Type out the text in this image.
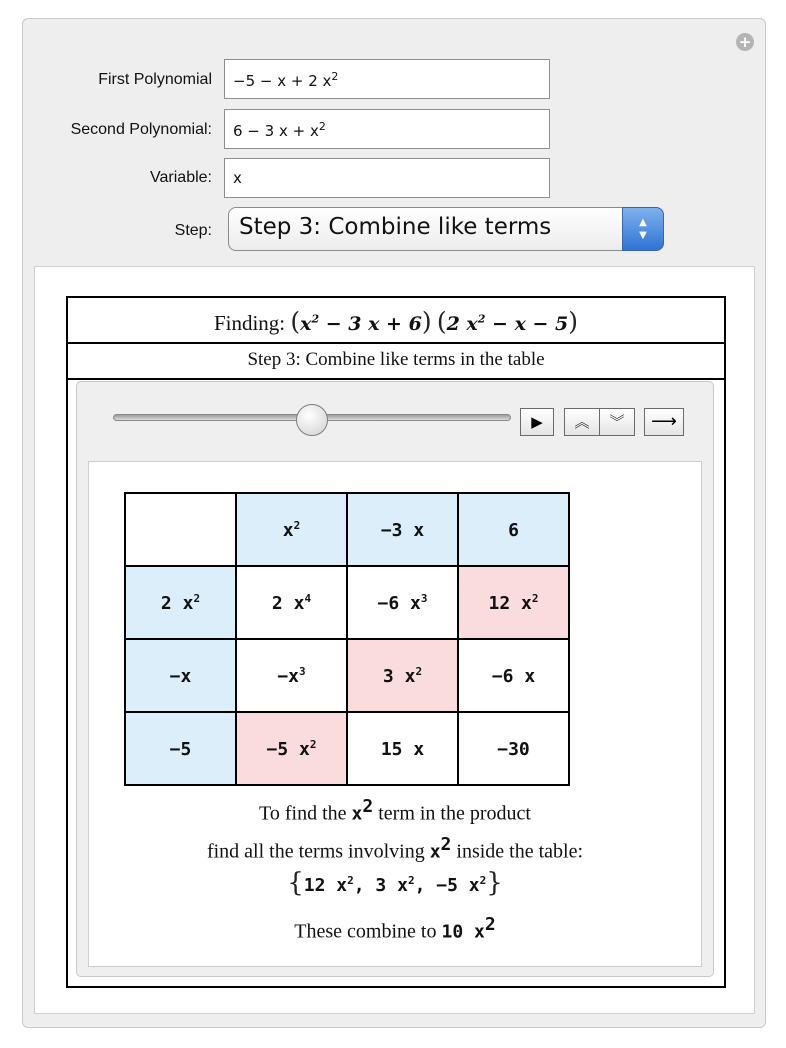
+
First Polynomial	−5 − x + 2 $x^2$
Second Polynomial:	6 − 3 $x + x^2$
Variable:	x
Step:	Step 3: Combine like terms	▲
▼
Finding: ($x^2 - 3$ x + 6) (2 $x^2 - x - 5$)
Step 3: Combine like terms in the table
▶	︽	︾	⟶
	$x^2$	−3 x	6
2 $x^2$	2 $x^4$	−6 $x^3$	12 $x^2$
−x	$-x^3$	3 $x^2$	−6 x
−5	−5 $x^2$	15 x	−30
To find the $x^2$ term in the product
find all the terms involving $x^2$ inside the table:
{12 $x^2$, 3 $x^2$, −5 $x^2$}
These combine to 10 $x^2$
